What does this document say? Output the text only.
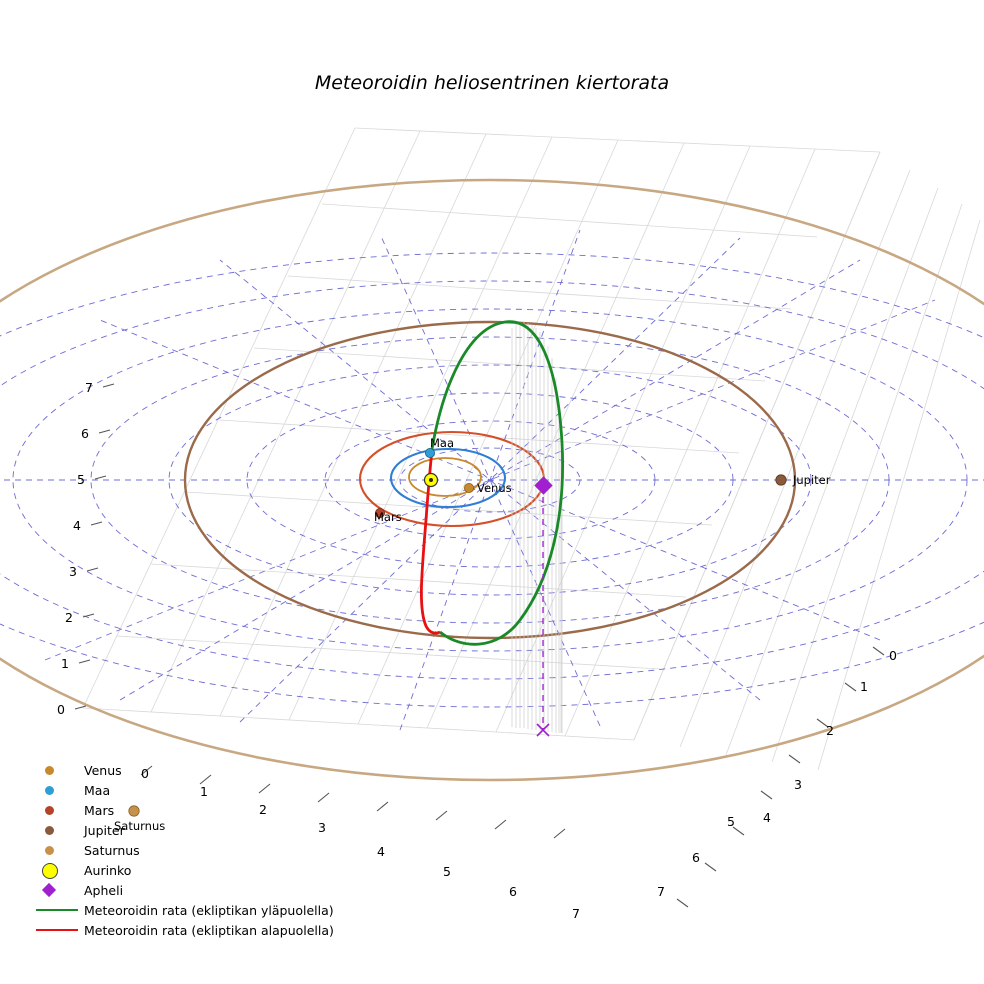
Meteoroidin heliosentrinen kiertorata
Maa
Venus
Mars
Jupiter
Saturnus
0
1
2
3
4
5
6
7
0
1
2
3
4
5
6
7
0
1
2
3
4
5
6
7
Venus
Maa
Mars
Jupiter
Saturnus
Aurinko
Apheli
Meteoroidin rata (ekliptikan yläpuolella)
Meteoroidin rata (ekliptikan alapuolella)
